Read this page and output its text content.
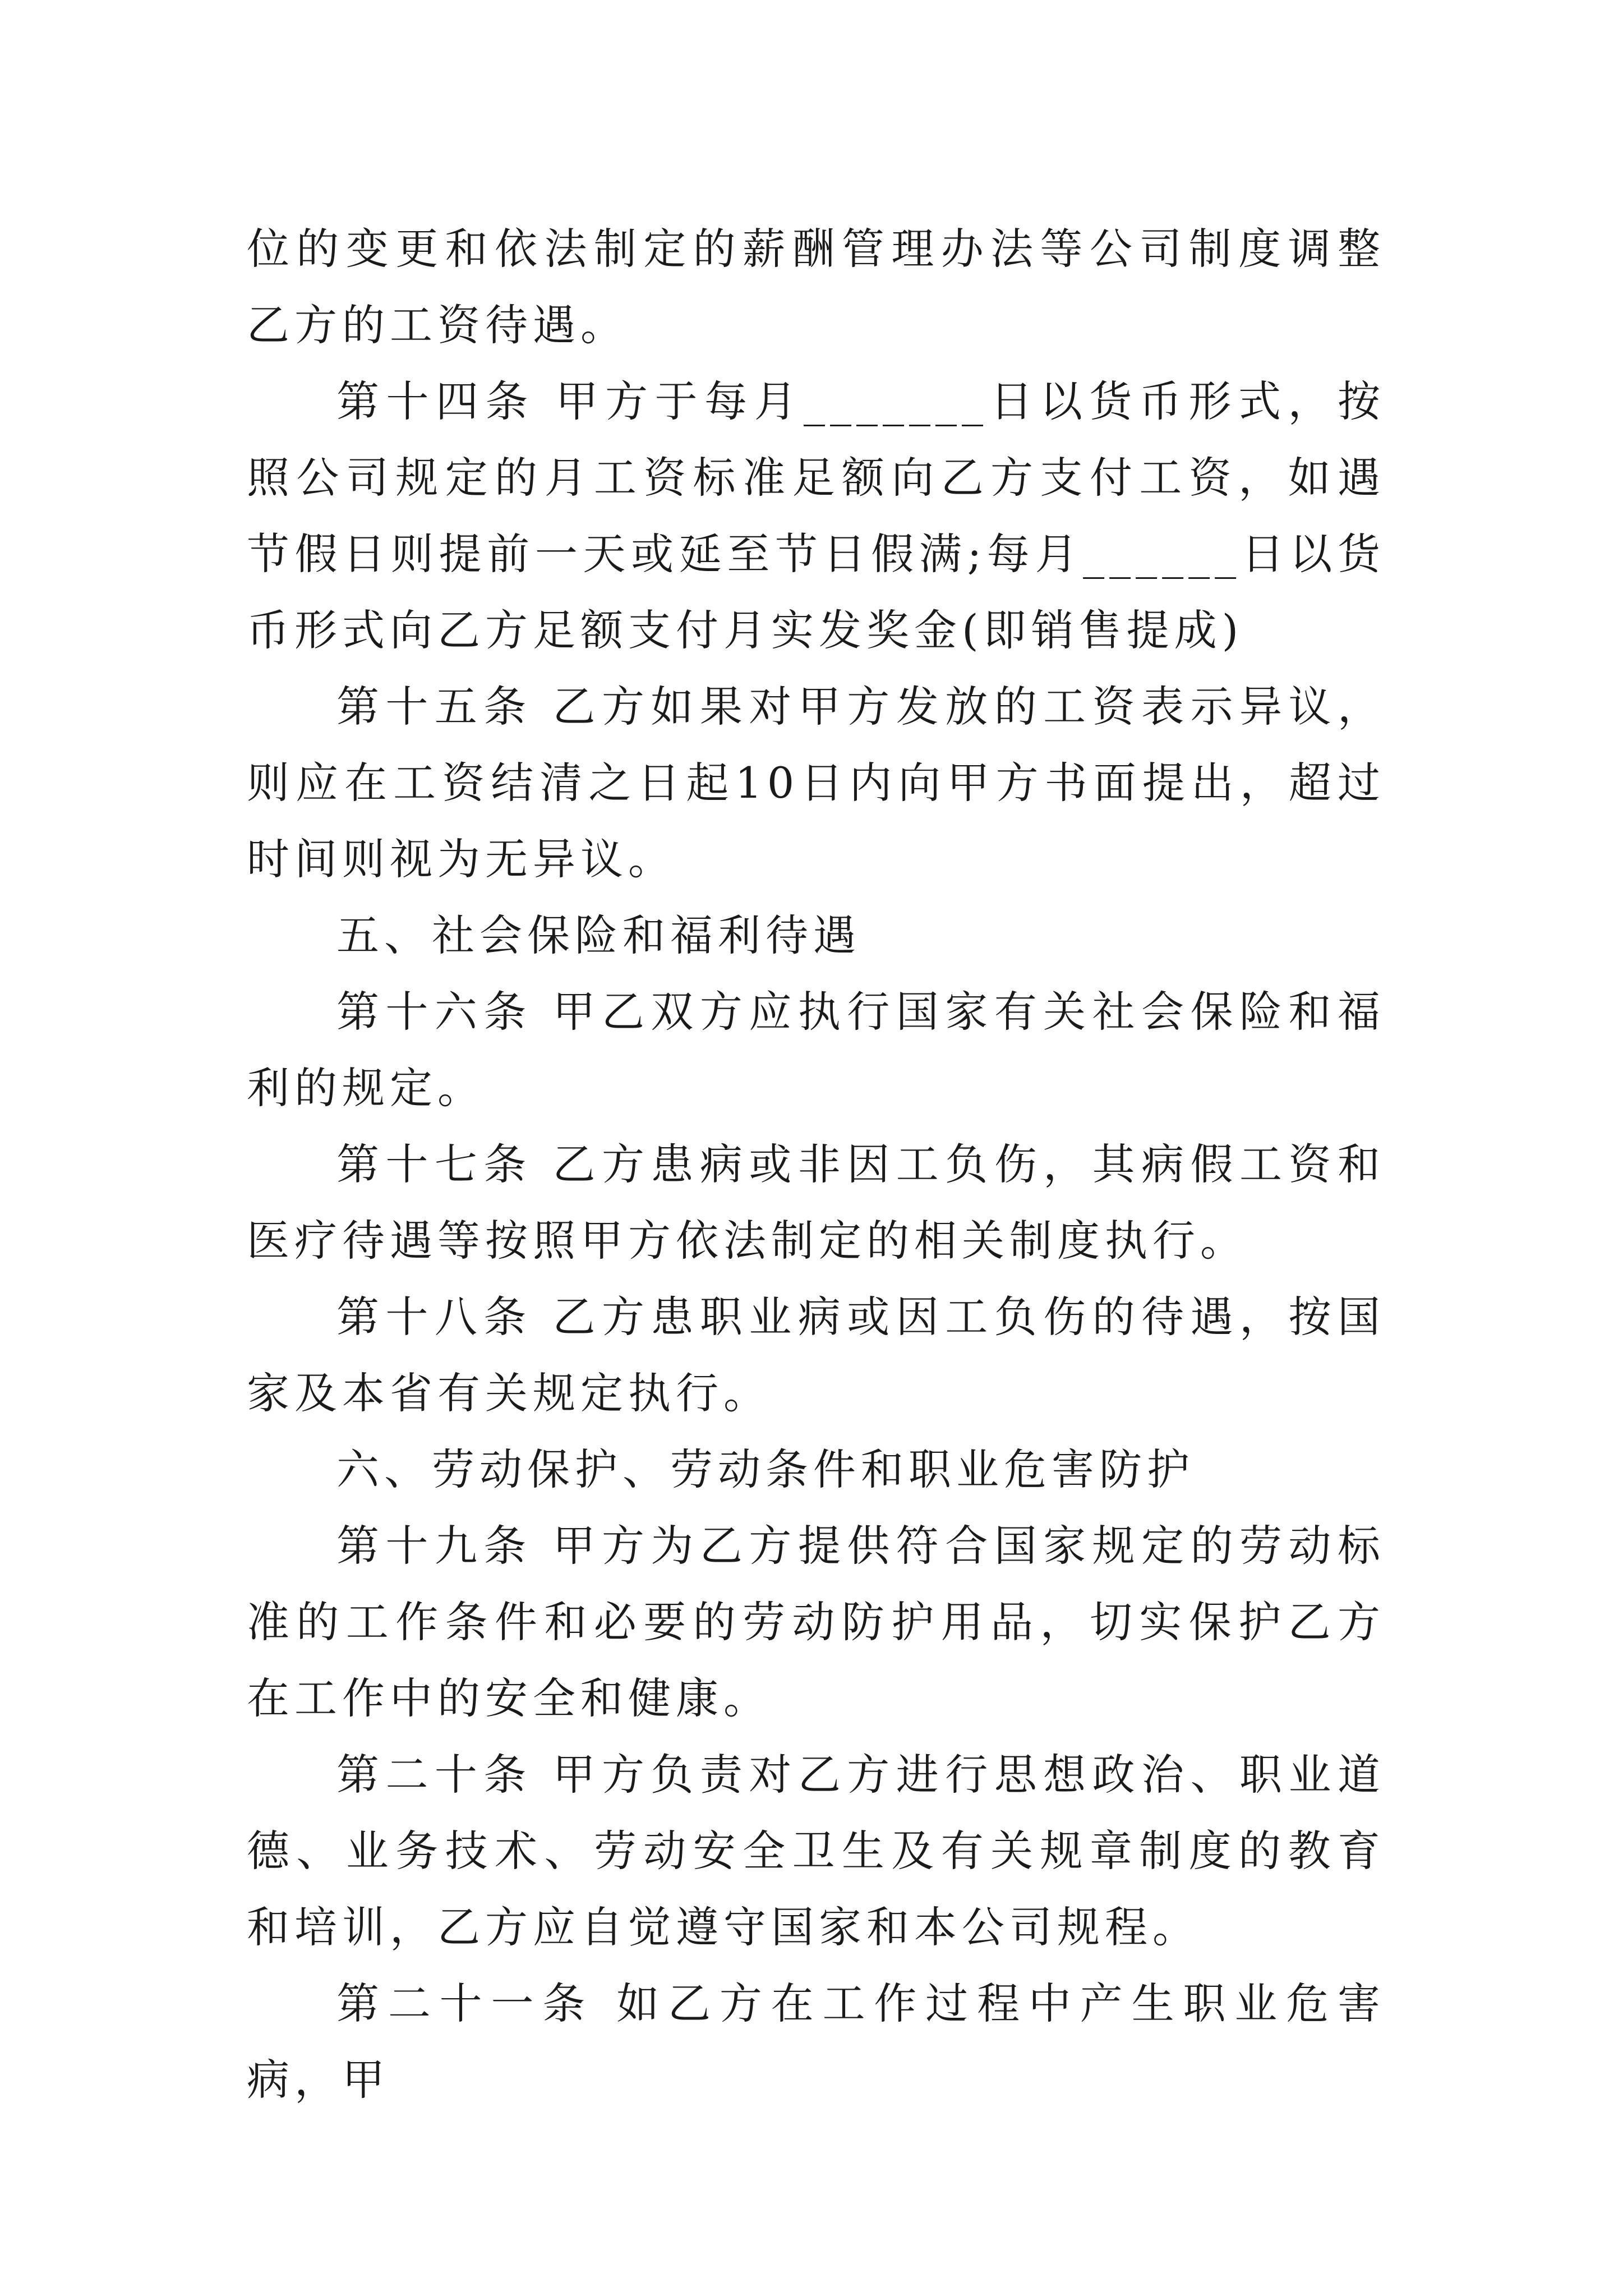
位的变更和依法制定的薪酬管理办法等公司制度调整乙方的工资待遇。

第十四条 甲方于每月_______日以货币形式，按照公司规定的月工资标准足额向乙方支付工资，如遇节假日则提前一天或延至节日假满;每月______日以货币形式向乙方足额支付月实发奖金(即销售提成)

第十五条 乙方如果对甲方发放的工资表示异议，则应在工资结清之日起10日内向甲方书面提出，超过时间则视为无异议。

五、社会保险和福利待遇

第十六条 甲乙双方应执行国家有关社会保险和福利的规定。

第十七条 乙方患病或非因工负伤，其病假工资和医疗待遇等按照甲方依法制定的相关制度执行。

第十八条 乙方患职业病或因工负伤的待遇，按国家及本省有关规定执行。

六、劳动保护、劳动条件和职业危害防护

第十九条 甲方为乙方提供符合国家规定的劳动标准的工作条件和必要的劳动防护用品，切实保护乙方在工作中的安全和健康。

第二十条 甲方负责对乙方进行思想政治、职业道德、业务技术、劳动安全卫生及有关规章制度的教育和培训，乙方应自觉遵守国家和本公司规程。

第二十一条 如乙方在工作过程中产生职业危害病，甲
